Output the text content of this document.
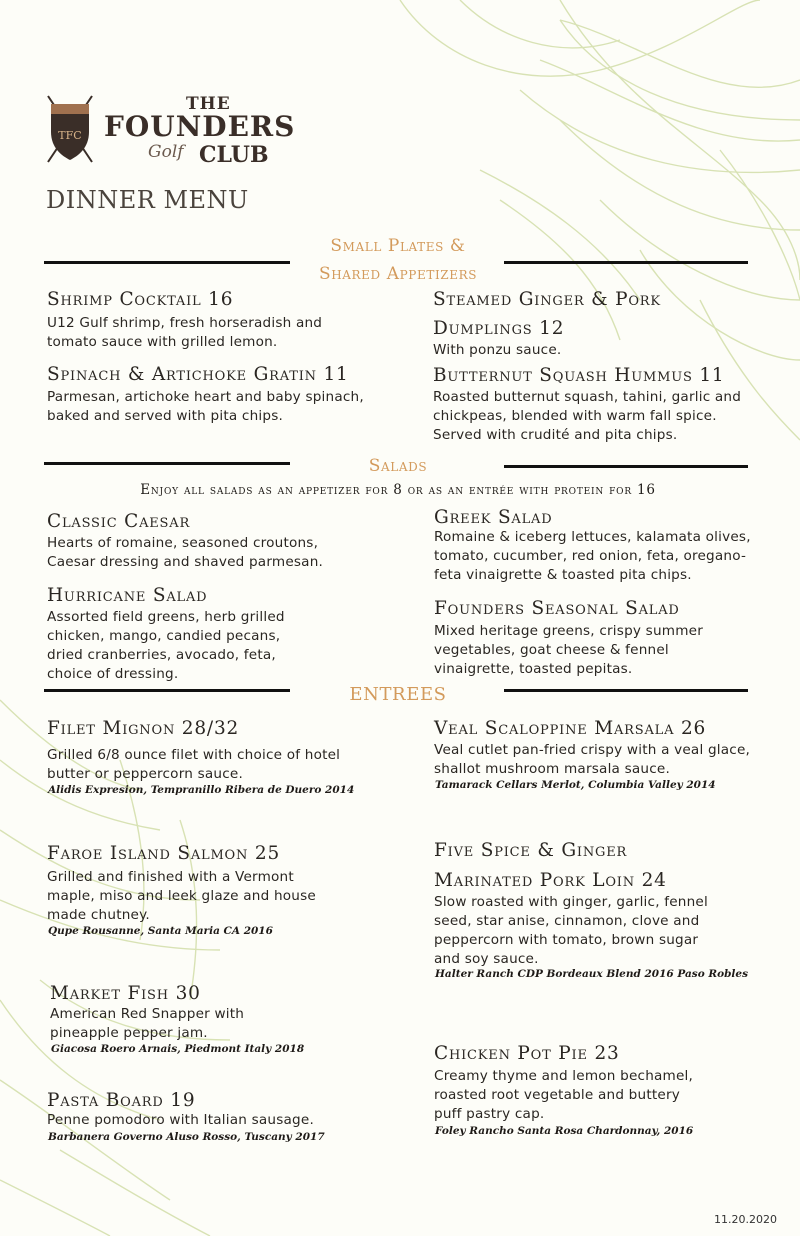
TFC
THE
FOUNDERS
Golf CLUB
DINNER MENU
Small Plates &
Shared Appetizers
Shrimp Cocktail 16
U12 Gulf shrimp, fresh horseradish and
tomato sauce with grilled lemon.
Spinach & Artichoke Gratin 11
Parmesan, artichoke heart and baby spinach,
baked and served with pita chips.
Steamed Ginger & Pork
Dumplings 12
With ponzu sauce.
Butternut Squash Hummus 11
Roasted butternut squash, tahini, garlic and
chickpeas, blended with warm fall spice.
Served with crudité and pita chips.
Salads
Enjoy all salads as an appetizer for 8 or as an entrée with protein for 16
Classic Caesar
Hearts of romaine, seasoned croutons,
Caesar dressing and shaved parmesan.
Hurricane Salad
Assorted field greens, herb grilled
chicken, mango, candied pecans,
dried cranberries, avocado, feta,
choice of dressing.
Greek Salad
Romaine & iceberg lettuces, kalamata olives,
tomato, cucumber, red onion, feta, oregano-
feta vinaigrette & toasted pita chips.
Founders Seasonal Salad
Mixed heritage greens, crispy summer
vegetables, goat cheese & fennel
vinaigrette, toasted pepitas.
ENTREES
Filet Mignon 28/32
Grilled 6/8 ounce filet with choice of hotel
butter or peppercorn sauce.
Alidis Expresion, Tempranillo Ribera de Duero 2014
Faroe Island Salmon 25
Grilled and finished with a Vermont
maple, miso and leek glaze and house
made chutney.
Qupe Rousanne, Santa Maria CA 2016
Market Fish 30
American Red Snapper with
pineapple pepper jam.
Giacosa Roero Arnais, Piedmont Italy 2018
Pasta Board 19
Penne pomodoro with Italian sausage.
Barbanera Governo Aluso Rosso, Tuscany 2017
Veal Scaloppine Marsala 26
Veal cutlet pan-fried crispy with a veal glace,
shallot mushroom marsala sauce.
Tamarack Cellars Merlot, Columbia Valley 2014
Five Spice & Ginger
Marinated Pork Loin 24
Slow roasted with ginger, garlic, fennel
seed, star anise, cinnamon, clove and
peppercorn with tomato, brown sugar
and soy sauce.
Halter Ranch CDP Bordeaux Blend 2016 Paso Robles
Chicken Pot Pie 23
Creamy thyme and lemon bechamel,
roasted root vegetable and buttery
puff pastry cap.
Foley Rancho Santa Rosa Chardonnay, 2016
11.20.2020
